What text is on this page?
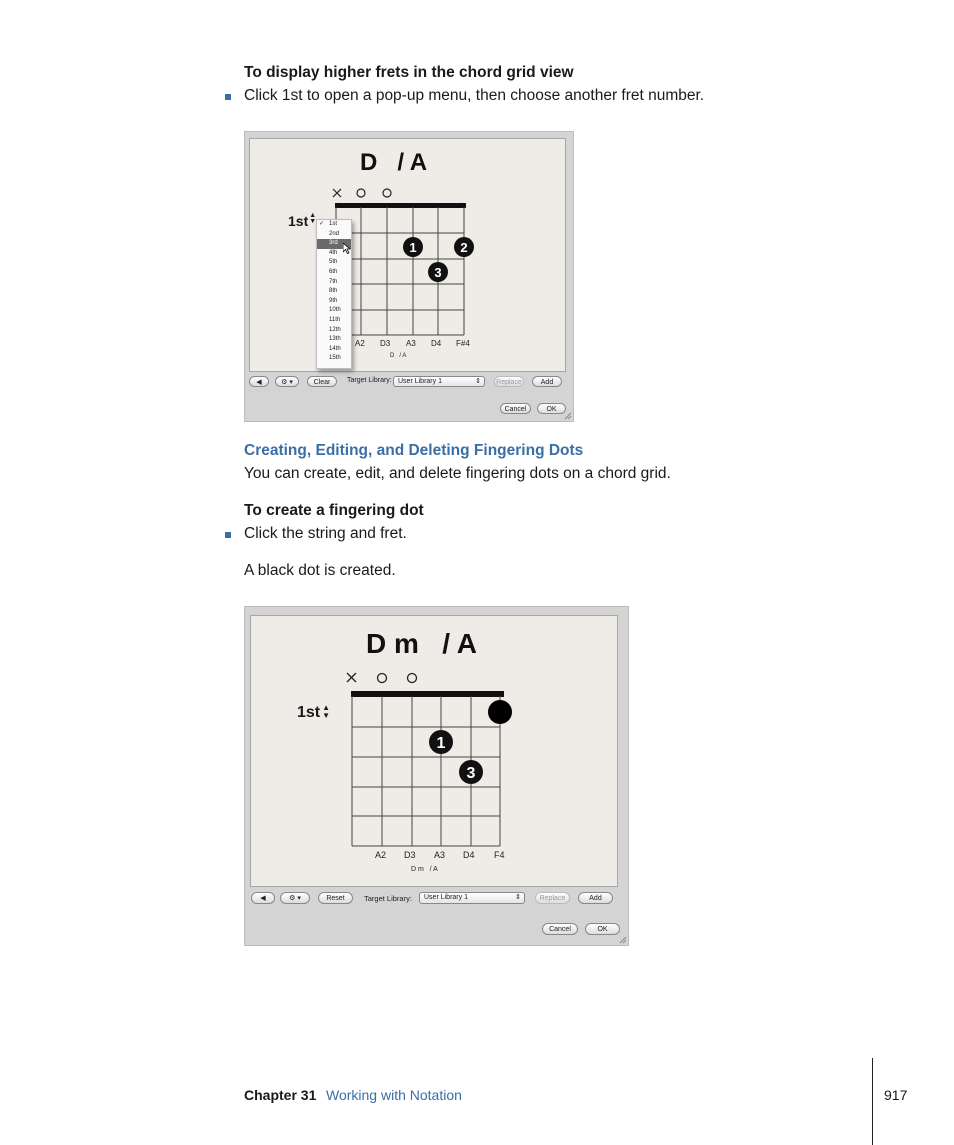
To display higher frets in the chord grid view
Click 1st to open a pop-up menu, then choose another fret number.
D   / A
1	2
3
1st▲
▼
A2 D3 A3 D4 F#4
D   / A
✓ 1st
2nd
3rd
4th
5th
6th
7th
8th
9th
10th
11th
12th
13th
14th
15th
◀	⚙ ▾	Clear	Target Library: User Library 1	⇕	Replace	Add
Cancel	OK
Creating, Editing, and Deleting Fingering Dots
You can create, edit, and delete fingering dots on a chord grid.
To create a fingering dot
Click the string and fret.
A black dot is created.
D m   / A
1
3
1st ▲
▼
A2 D3 A3 D4 F4
D m   / A
◀	⚙ ▾	Reset	Target Library:	User Library 1	⇕	Replace	Add
Cancel	OK
Chapter 31 Working with Notation	917
